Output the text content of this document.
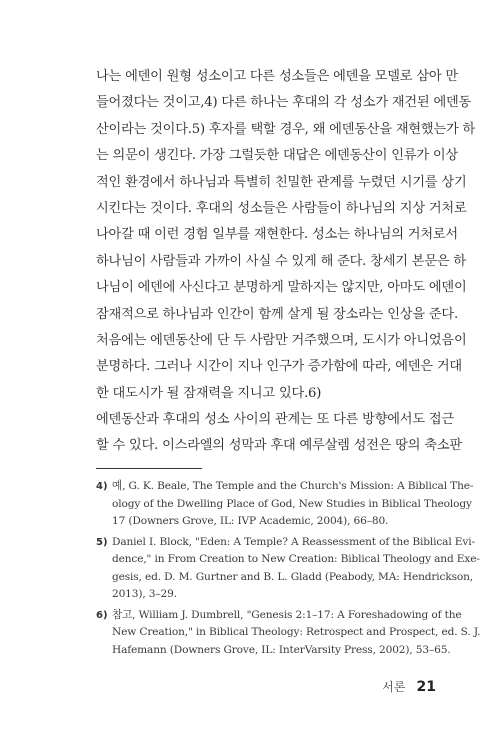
나는 에덴이 원형 성소이고 다른 성소들은 에덴을 모델로 삼아 만
들어졌다는 것이고,4) 다른 하나는 후대의 각 성소가 재건된 에덴동
산이라는 것이다.5) 후자를 택할 경우, 왜 에덴동산을 재현했는가 하
는 의문이 생긴다. 가장 그럴듯한 대답은 에덴동산이 인류가 이상
적인 환경에서 하나님과 특별히 친밀한 관계를 누렸던 시기를 상기
시킨다는 것이다. 후대의 성소들은 사람들이 하나님의 지상 거처로
나아갈 때 이런 경험 일부를 재현한다. 성소는 하나님의 거처로서
하나님이 사람들과 가까이 사실 수 있게 해 준다. 창세기 본문은 하
나님이 에덴에 사신다고 분명하게 말하지는 않지만, 아마도 에덴이
잠재적으로 하나님과 인간이 함께 살게 될 장소라는 인상을 준다.
처음에는 에덴동산에 단 두 사람만 거주했으며, 도시가 아니었음이
분명하다. 그러나 시간이 지나 인구가 증가함에 따라, 에덴은 거대
한 대도시가 될 잠재력을 지니고 있다.6)
에덴동산과 후대의 성소 사이의 관계는 또 다른 방향에서도 접근
할 수 있다. 이스라엘의 성막과 후대 예루살렘 성전은 땅의 축소판
4) 예, G. K. Beale, The Temple and the Church's Mission: A Biblical The-
ology of the Dwelling Place of God, New Studies in Biblical Theology
17 (Downers Grove, IL: IVP Academic, 2004), 66–80.
5) Daniel I. Block, "Eden: A Temple? A Reassessment of the Biblical Evi-
dence," in From Creation to New Creation: Biblical Theology and Exe-
gesis, ed. D. M. Gurtner and B. L. Gladd (Peabody, MA: Hendrickson,
2013), 3–29.
6) 참고, William J. Dumbrell, "Genesis 2:1–17: A Foreshadowing of the
New Creation," in Biblical Theology: Retrospect and Prospect, ed. S. J.
Hafemann (Downers Grove, IL: InterVarsity Press, 2002), 53–65.
서론 21
